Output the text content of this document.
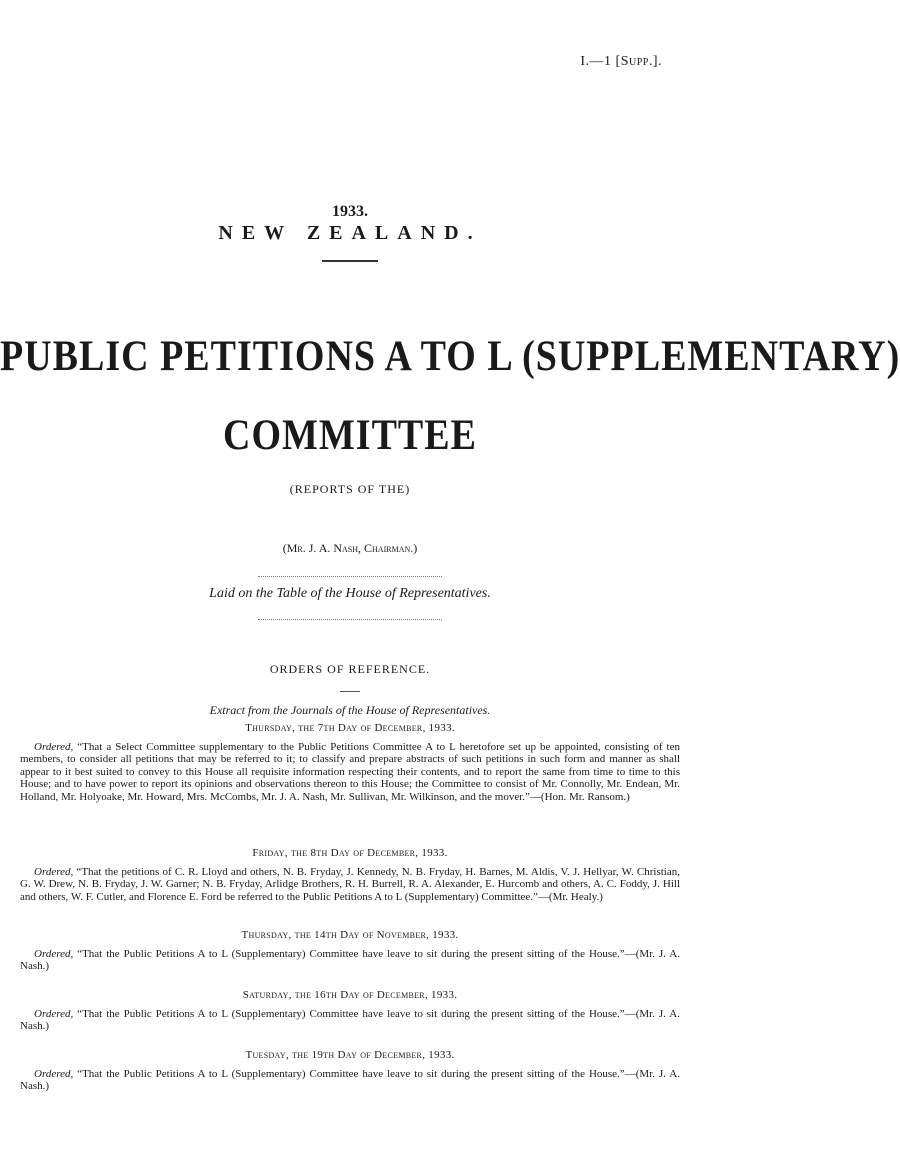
I.—1 [Supp.].
1933.
NEW ZEALAND.
PUBLIC PETITIONS A TO L (SUPPLEMENTARY)
COMMITTEE
(REPORTS OF THE)
(Mr. J. A. Nash, Chairman.)
Laid on the Table of the House of Representatives.
ORDERS OF REFERENCE.
Extract from the Journals of the House of Representatives.
Thursday, the 7th Day of December, 1933.
Ordered, “That a Select Committee supplementary to the Public Petitions Committee A to L heretofore set up be appointed, consisting of ten members, to consider all petitions that may be referred to it; to classify and prepare abstracts of such petitions in such form and manner as shall appear to it best suited to convey to this House all requisite information respecting their contents, and to report the same from time to time to this House; and to have power to report its opinions and observations thereon to this House; the Committee to consist of Mr. Connolly, Mr. Endean, Mr. Holland, Mr. Holyoake, Mr. Howard, Mrs. McCombs, Mr. J. A. Nash, Mr. Sullivan, Mr. Wilkinson, and the mover.”—(Hon. Mr. Ransom.)
Friday, the 8th Day of December, 1933.
Ordered, “That the petitions of C. R. Lloyd and others, N. B. Fryday, J. Kennedy, N. B. Fryday, H. Barnes, M. Aldis, V. J. Hellyar, W. Christian, G. W. Drew, N. B. Fryday, J. W. Garner; N. B. Fryday, Arlidge Brothers, R. H. Burrell, R. A. Alexander, E. Hurcomb and others, A. C. Foddy, J. Hill and others, W. F. Cutler, and Florence E. Ford be referred to the Public Petitions A to L (Supplementary) Committee.”—(Mr. Healy.)
Thursday, the 14th Day of November, 1933.
Ordered, “That the Public Petitions A to L (Supplementary) Committee have leave to sit during the present sitting of the House.”—(Mr. J. A. Nash.)
Saturday, the 16th Day of December, 1933.
Ordered, “That the Public Petitions A to L (Supplementary) Committee have leave to sit during the present sitting of the House.”—(Mr. J. A. Nash.)
Tuesday, the 19th Day of December, 1933.
Ordered, “That the Public Petitions A to L (Supplementary) Committee have leave to sit during the present sitting of the House.”—(Mr. J. A. Nash.)
